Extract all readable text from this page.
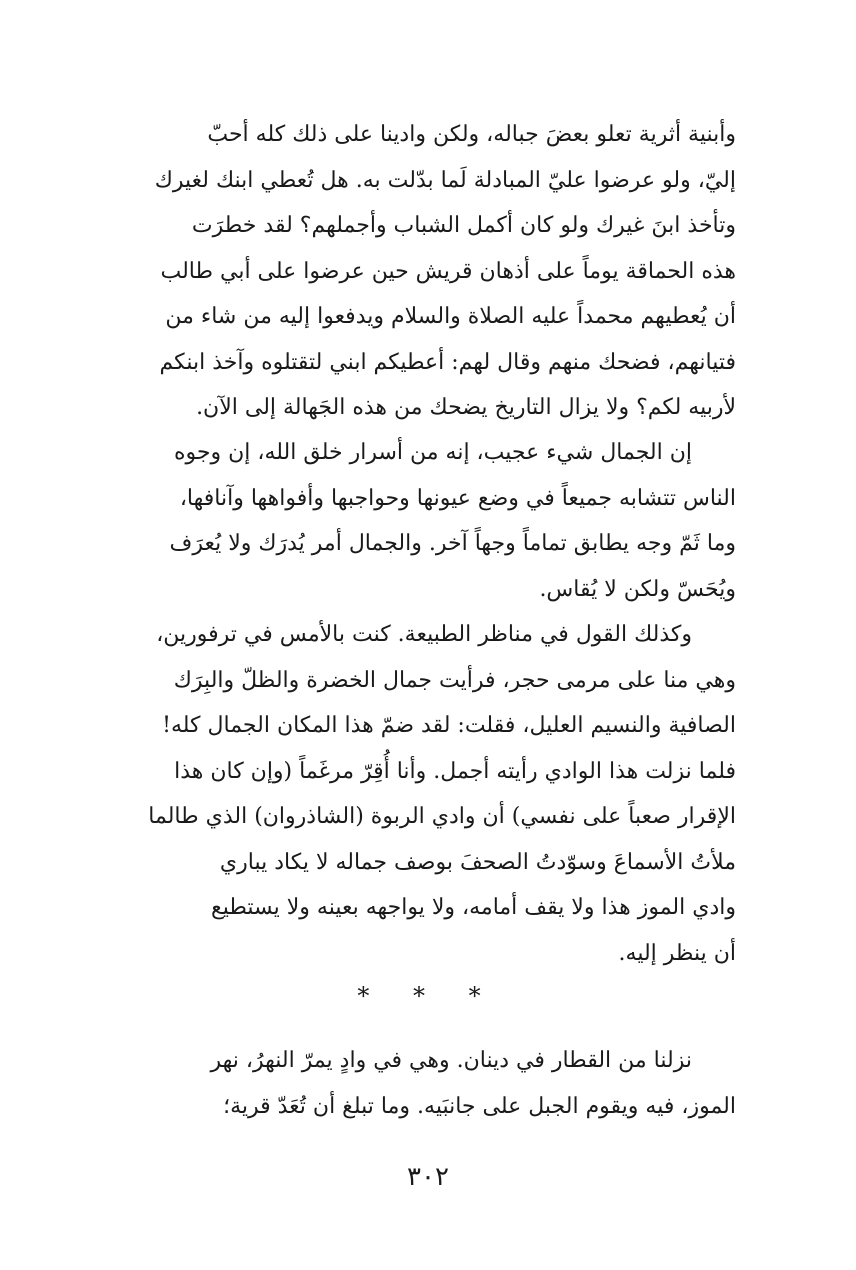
وأبنية أثرية تعلو بعضَ جباله، ولكن وادينا على ذلك كله أحبّ
إليّ، ولو عرضوا عليّ المبادلة لَما بدّلت به. هل تُعطي ابنك لغيرك
وتأخذ ابنَ غيرك ولو كان أكمل الشباب وأجملهم؟ لقد خطرَت
هذه الحماقة يوماً على أذهان قريش حين عرضوا على أبي طالب
أن يُعطيهم محمداً عليه الصلاة والسلام ويدفعوا إليه من شاء من
فتيانهم، فضحك منهم وقال لهم: أعطيكم ابني لتقتلوه وآخذ ابنكم
لأربيه لكم؟ ولا يزال التاريخ يضحك من هذه الجَهالة إلى الآن.
إن الجمال شيء عجيب، إنه من أسرار خلق الله، إن وجوه
الناس تتشابه جميعاً في وضع عيونها وحواجبها وأفواهها وآنافها،
وما ثَمّ وجه يطابق تماماً وجهاً آخر. والجمال أمر يُدرَك ولا يُعرَف
ويُحَسّ ولكن لا يُقاس.
وكذلك القول في مناظر الطبيعة. كنت بالأمس في ترفورين،
وهي منا على مرمى حجر، فرأيت جمال الخضرة والظلّ والبِرَك
الصافية والنسيم العليل، فقلت: لقد ضمّ هذا المكان الجمال كله!
فلما نزلت هذا الوادي رأيته أجمل. وأنا أُقِرّ مرغَماً (وإن كان هذا
الإقرار صعباً على نفسي) أن وادي الربوة (الشاذروان) الذي طالما
ملأتُ الأسماعَ وسوّدتُ الصحفَ بوصف جماله لا يكاد يباري
وادي الموز هذا ولا يقف أمامه، ولا يواجهه بعينه ولا يستطيع
أن ينظر إليه.
* * *
نزلنا من القطار في دينان. وهي في وادٍ يمرّ النهرُ، نهر
الموز، فيه ويقوم الجبل على جانبَيه. وما تبلغ أن تُعَدّ قرية؛
٣٠٢
